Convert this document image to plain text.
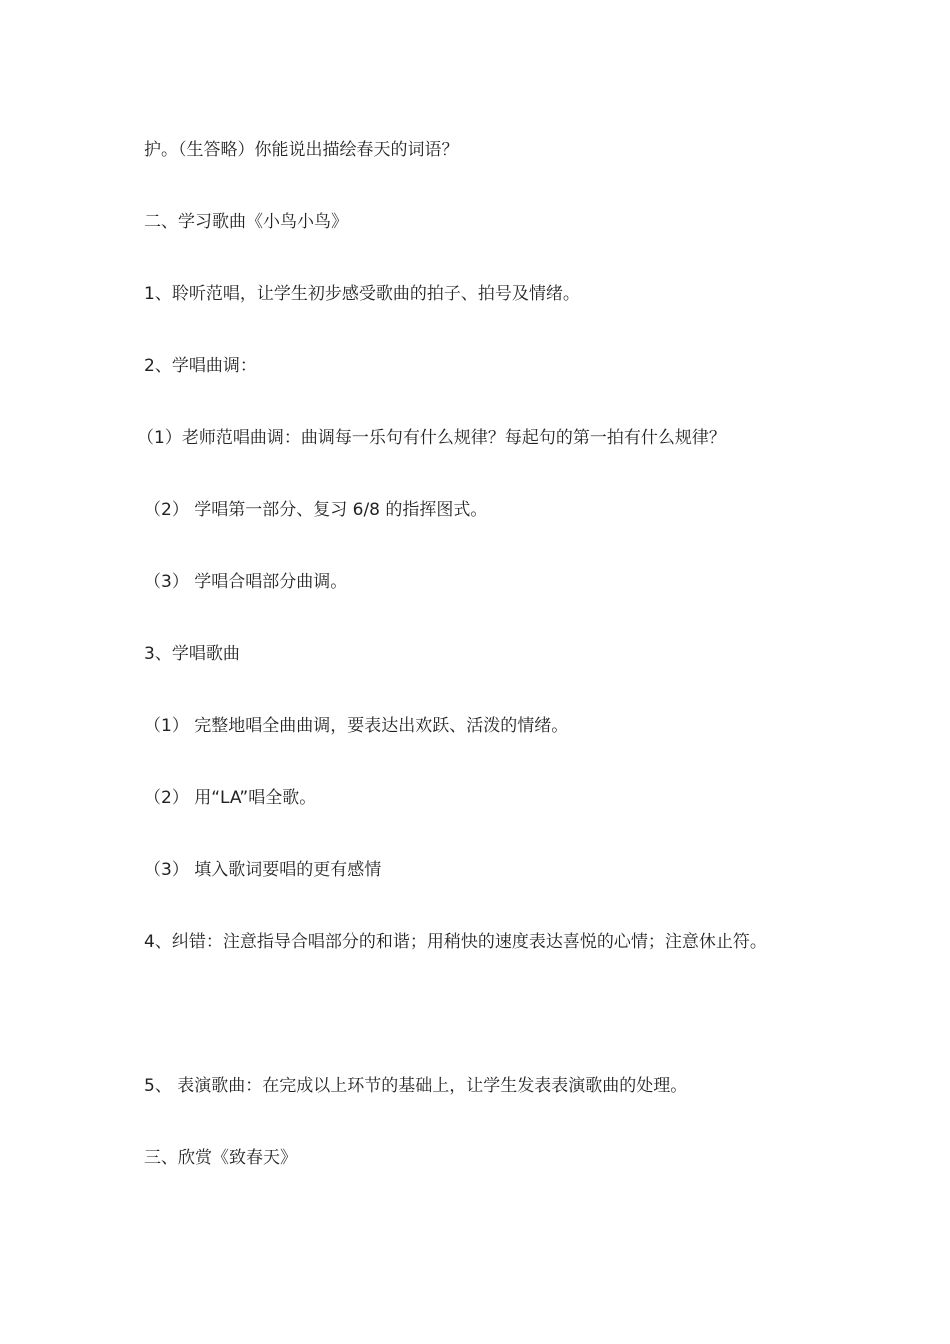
护。（生答略）你能说出描绘春天的词语？
二、学习歌曲《小鸟小鸟》
1、聆听范唱，让学生初步感受歌曲的拍子、拍号及情绪。
2、学唱曲调：
（1）老师范唱曲调：曲调每一乐句有什么规律？每起句的第一拍有什么规律？
（2） 学唱第一部分、复习 6/8 的指挥图式。
（3） 学唱合唱部分曲调。
3、学唱歌曲
（1） 完整地唱全曲曲调，要表达出欢跃、活泼的情绪。
（2） 用“LA”唱全歌。
（3） 填入歌词要唱的更有感情
4、纠错：注意指导合唱部分的和谐；用稍快的速度表达喜悦的心情；注意休止符。
5、 表演歌曲：在完成以上环节的基础上，让学生发表表演歌曲的处理。
三、欣赏《致春天》
